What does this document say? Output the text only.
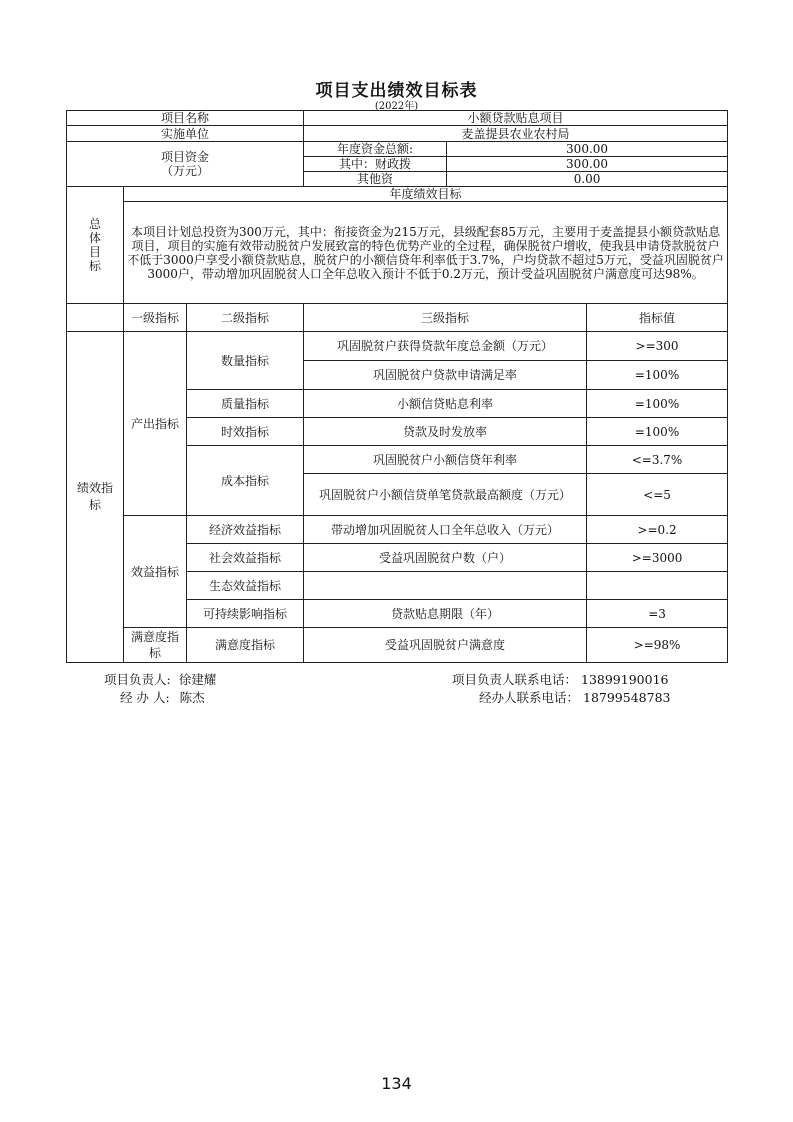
项目支出绩效目标表
(2022年)
项目名称			小额贷款贴息项目		
实施单位			麦盖提县农业农村局		

项目资金
（万元）			年度资金总额:	300.00	
			其中：财政拨	300.00	
			其他资	0.00	

总
体
目
标	年度绩效目标				
	本项目计划总投资为300万元，其中：衔接资金为215万元，县级配套85万元，主要用于麦盖提县小额贷款贴息项目，项目的实施有效带动脱贫户发展致富的特色优势产业的全过程，确保脱贫户增收，使我县申请贷款脱贫户不低于3000户享受小额贷款贴息，脱贫户的小额信贷年利率低于3.7%，户均贷款不超过5万元，受益巩固脱贫户3000户，带动增加巩固脱贫人口全年总收入预计不低于0.2万元，预计受益巩固脱贫户满意度可达98%。				
	一级指标	二级指标	三级指标		指标值

绩效指标	产出指标	数量指标	巩固脱贫户获得贷款年度总金额（万元）		>=300
			巩固脱贫户贷款申请满足率		=100%
		质量指标	小额信贷贴息利率		=100%
		时效指标	贷款及时发放率		=100%
		成本指标	巩固脱贫户小额信贷年利率		<=3.7%
			巩固脱贫户小额信贷单笔贷款最高额度（万元）		<=5
	效益指标	经济效益指标	带动增加巩固脱贫人口全年总收入（万元）		>=0.2
		社会效益指标	受益巩固脱贫户数（户）		>=3000
		生态效益指标			
		可持续影响指标	贷款贴息期限（年）		=3
	满意度指标	满意度指标	受益巩固脱贫户满意度		>=98%
项目负责人: 徐建耀	项目负责人联系电话： 13899190016
经 办 人: 陈杰	经办人联系电话： 18799548783
134
